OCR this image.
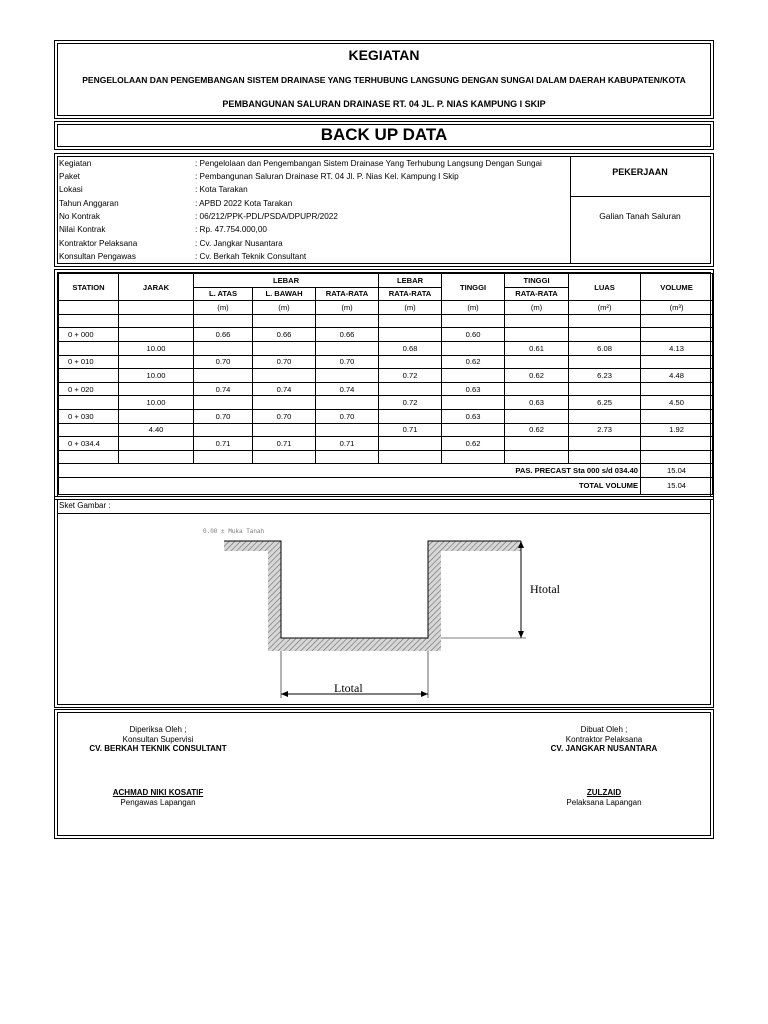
KEGIATAN
PENGELOLAAN DAN PENGEMBANGAN SISTEM DRAINASE YANG TERHUBUNG LANGSUNG DENGAN SUNGAI DALAM DAERAH KABUPATEN/KOTA
PEMBANGUNAN SALURAN DRAINASE RT. 04 JL. P. NIAS KAMPUNG I SKIP
BACK UP DATA
Kegiatan	: Pengelolaan dan Pengembangan Sistem Drainase Yang Terhubung Langsung Dengan Sungai
Paket	: Pembangunan Saluran Drainase RT. 04 Jl. P. Nias Kel. Kampung I Skip
Lokasi	: Kota Tarakan
Tahun Anggaran	: APBD 2022 Kota Tarakan
No Kontrak	: 06/212/PPK-PDL/PSDA/DPUPR/2022
Nilai Kontrak	: Rp. 47.754.000,00
Kontraktor Pelaksana	: Cv. Jangkar Nusantara
Konsultan Pengawas	: Cv. Berkah Teknik Consultant
PEKERJAAN
Galian Tanah Saluran
STATION	JARAK	LEBAR			LEBAR	TINGGI	TINGGI	LUAS	VOLUME
		L. ATAS	L. BAWAH	RATA-RATA	RATA-RATA		RATA-RATA		
		(m)	(m)	(m)	(m)	(m)	(m)	(m²)	(m³)

0 + 000		0.66	0.66	0.66		0.60			
	10.00				0.68		0.61	6.08	4.13
0 + 010		0.70	0.70	0.70		0.62			
	10.00				0.72		0.62	6.23	4.48
0 + 020		0.74	0.74	0.74		0.63			
	10.00				0.72		0.63	6.25	4.50
0 + 030		0.70	0.70	0.70		0.63			
	4.40				0.71		0.62	2.73	1.92
0 + 034.4		0.71	0.71	0.71		0.62			

PAS. PRECAST Sta 000 s/d 034.40									15.04
TOTAL VOLUME									15.04
Sket Gambar :
0.00 ± Muka Tanah
Htotal
Ltotal
Diperiksa Oleh ;
Konsultan Supervisi
CV. BERKAH TEKNIK CONSULTANT
ACHMAD NIKI KOSATIF
Pengawas Lapangan
Dibuat Oleh ;
Kontraktor Pelaksana
CV. JANGKAR NUSANTARA
ZULZAID
Pelaksana Lapangan
